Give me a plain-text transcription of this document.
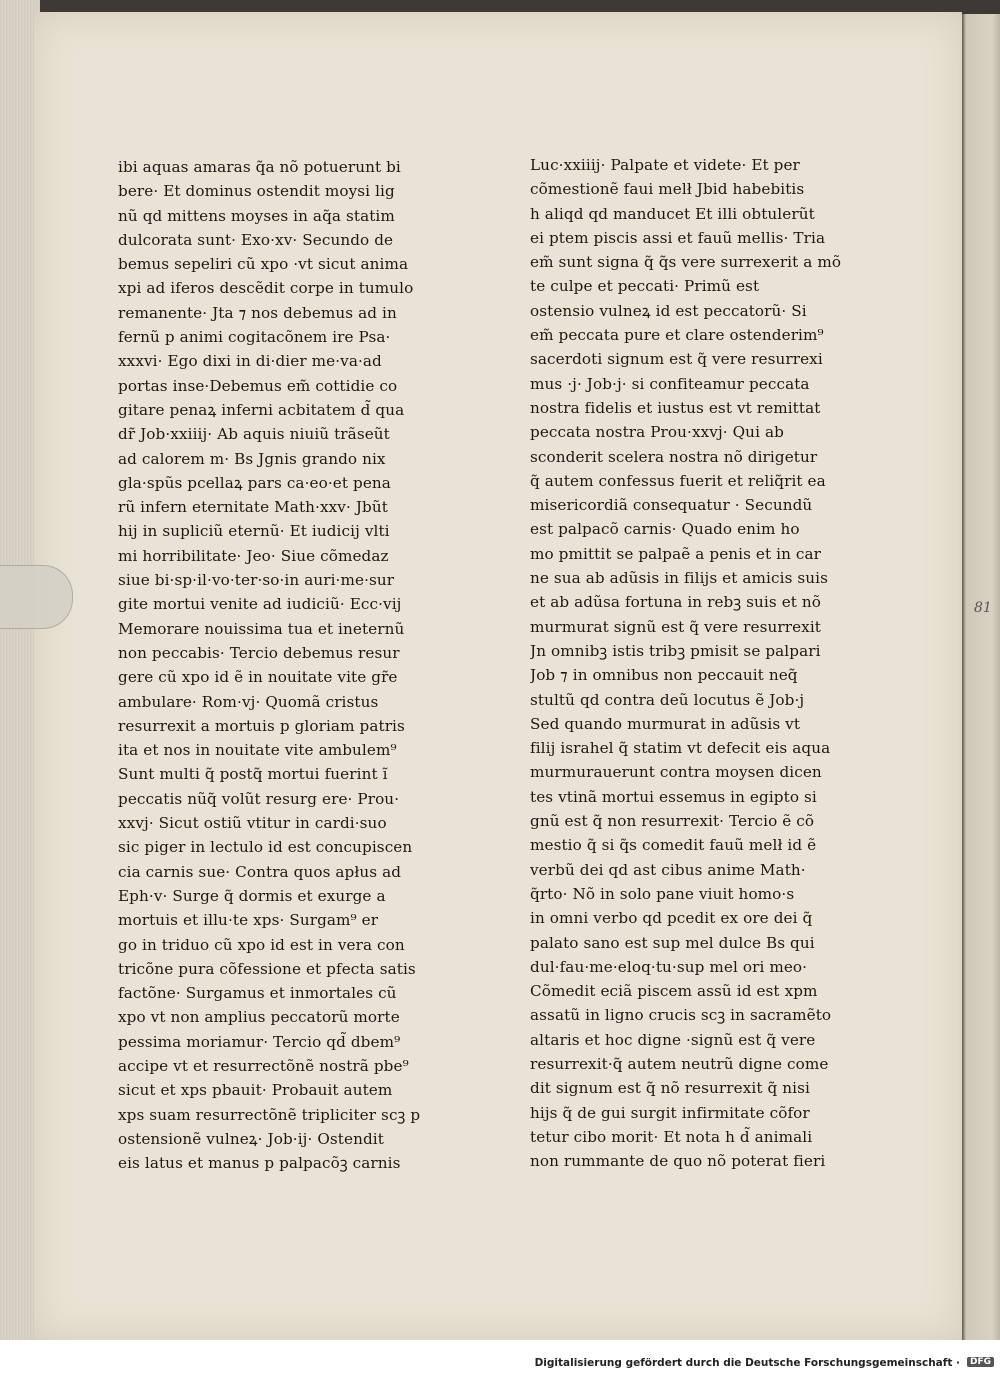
ibi aquas amaras q̃a nõ potuerunt bi
bere· Et dominus ostendit moysi lig
nũ qd mittens moyses in aq̃a statim
dulcorata sunt· Exo·xv· Secundo de
bemus sepeliri cũ xpo ·vt sicut anima
xpi ad iferos descẽdit corpe in tumulo
remanente· Jta ⁊ nos debemus ad in
fernũ p animi cogitacõnem ire Psa·
xxxvi· Ego dixi in di·dier me·va·ad
portas inse·Debemus em̃ cottidie co
gitare penaꝝ inferni acbitatem d̃ qua
dr̃ Job·xxiiij· Ab aquis niuiũ trãseũt
ad calorem m· Bs Jgnis grando nix
gla·spũs pcellaꝝ pars ca·eo·et pena
rũ infern eternitate Math·xxv· Jbũt
hij in supliciũ eternũ· Et iudicij vlti
mi horribilitate· Jeo· Siue cõmedaz
siue bi·sp·il·vo·ter·so·in auri·me·sur
gite mortui venite ad iudiciũ· Ecc·vij
Memorare nouissima tua et ineternũ
non peccabis· Tercio debemus resur
gere cũ xpo id ẽ in nouitate vite gr̃e
ambulare· Rom·vj· Quomã cristus
resurrexit a mortuis p gloriam patris
ita et nos in nouitate vite ambulem⁹
Sunt multi q̃ postq̃ mortui fuerint ĩ
peccatis nũq̃ volũt resurg ere· Prou·
xxvj· Sicut ostiũ vtitur in cardi·suo
sic piger in lectulo id est concupiscen
cia carnis sue· Contra quos apłus ad
Eph·v· Surge q̃ dormis et exurge a
mortuis et illu·te xps· Surgam⁹ er
go in triduo cũ xpo id est in vera con
tricõne pura cõfessione et pfecta satis
factõne· Surgamus et inmortales cũ
xpo vt non amplius peccatorũ morte
pessima moriamur· Tercio qd̃ dbem⁹
accipe vt et resurrectõnẽ nostrã pbe⁹
sicut et xps pbauit· Probauit autem
xps suam resurrectõnẽ tripliciter scꝫ p
ostensionẽ vulneꝝ· Job·ij· Ostendit
eis latus et manus p palpacõꝫ carnis
Luc·xxiiij· Palpate et videte· Et per
cõmestionẽ faui melł Jbid habebitis
h aliqd qd manducet Et illi obtulerũt
ei ptem piscis assi et fauũ mellis· Tria
em̃ sunt signa q̃ q̃s vere surrexerit a mõ
te culpe et peccati· Primũ est
ostensio vulneꝝ id est peccatorũ· Si
em̃ peccata pure et clare ostenderim⁹
sacerdoti signum est q̃ vere resurrexi
mus ·j· Job·j· si confiteamur peccata
nostra fidelis et iustus est vt remittat
peccata nostra Prou·xxvj· Qui ab
sconderit scelera nostra nõ dirigetur
q̃ autem confessus fuerit et reliq̃rit ea
misericordiã consequatur · Secundũ
est palpacõ carnis· Quado enim ho
mo pmittit se palpaẽ a penis et in car
ne sua ab adũsis in filijs et amicis suis
et ab adũsa fortuna in rebꝫ suis et nõ
murmurat signũ est q̃ vere resurrexit
Jn omnibꝫ istis tribꝫ pmisit se palpari
Job ⁊ in omnibus non peccauit neq̃
stultũ qd contra deũ locutus ẽ Job·j
Sed quando murmurat in adũsis vt
filij israhel q̃ statim vt defecit eis aqua
murmurauerunt contra moysen dicen
tes vtinã mortui essemus in egipto si
gnũ est q̃ non resurrexit· Tercio ẽ cõ
mestio q̃ si q̃s comedit fauũ melł id ẽ
verbũ dei qd ast cibus anime Math·
q̃rto· Nõ in solo pane viuit homo·s
in omni verbo qd pcedit ex ore dei q̃
palato sano est sup mel dulce Bs qui
dul·fau·me·eloq·tu·sup mel ori meo·
Cõmedit eciã piscem assũ id est xpm
assatũ in ligno crucis scꝫ in sacramẽto
altaris et hoc digne ·signũ est q̃ vere
resurrexit·q̃ autem neutrũ digne come
dit signum est q̃ nõ resurrexit q̃ nisi
hijs q̃ de gui surgit infirmitate cõfor
tetur cibo morit· Et nota h d̃ animali
non rummante de quo nõ poterat fieri
81
Digitalisierung gefördert durch die Deutsche Forschungsgemeinschaft ·	DFG
